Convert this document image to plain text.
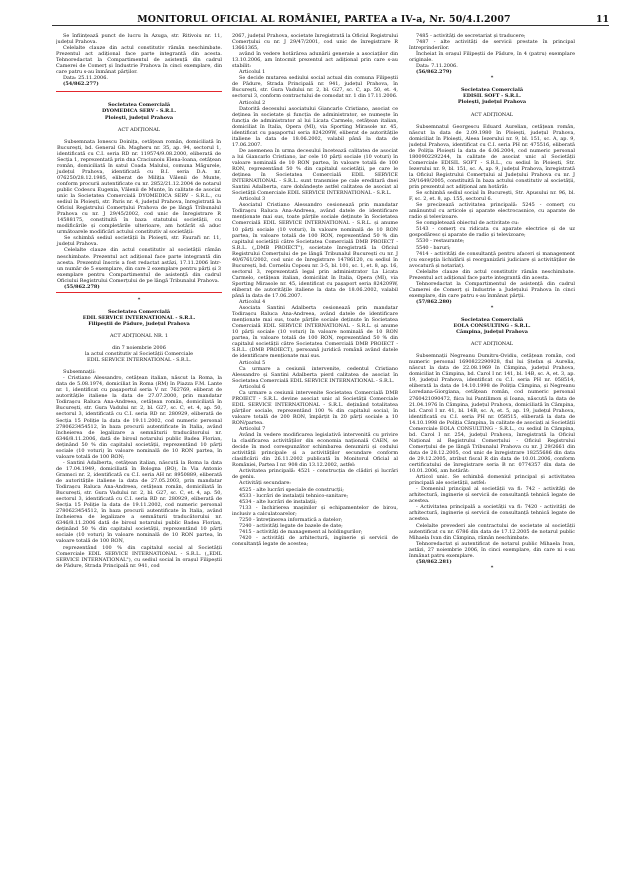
MONITORUL OFICIAL AL ROMÂNIEI, PARTEA a IV-a, Nr. 50/4.I.2007	11

Se înființează punct de lucru în Azuga, str. Ritivoiu nr. 11, județul Prahova.

Celelalte clauze din actul constitutiv rămân neschimbate. Prezentul act adițional face parte integrantă din acesta. Tehnoredactat la Compartimentul de asistență din cadrul Camerei de Comerț și Industrie Prahova în cinci exemplare, din care patru s-au înmânat părților.

Data: 25.11.2006.

(54/862.277)

Societatea Comercială

DYOMEDICA SERV - S.R.L.

Ploiești, județul Prahova

ACT ADIȚIONAL

Subsemnata Ionescu Doinița, cetățean român, domiciliată în București, bd. General Gh. Magheru nr. 35, ap. 94, sectorul 1, identificată cu C.I. seria RD nr. 119574/9.08.2000, eliberată de Secția 1, reprezentată prin dna Craciunoiu Elena-Ioana, cetățean român, domiciliată în satul Coada Malului, comuna Măgurele, județul Prahova, identificată cu B.I. seria D.A. nr. 076250/28.12.1985, eliberat de Miliția Vălenii de Munte, conform procurii autentificate cu nr. 2852/21.12.2004 de notarul public Codescu Eugenia, Vălenii de Munte, în calitate de asociat unic la Societatea Comercială DYOMEDICA SERV - S.R.L., cu sediul în Ploiești, str. Paris nr. 4, județul Prahova, înregistrată la Oficiul Registrului Comerțului Prahova de pe lângă Tribunalul Prahova cu nr. J 29/45/2002, cod unic de înregistrare R 14588175, constituită în baza statutului societății, cu modificările și completările ulterioare, am hotărât să aduc următoarele modificări actului constitutiv al societății:

Se schimbă sediul societății în Ploiești, str. Fauraři nr. 11, județul Prahova.

Celelalte clauze din actul constitutiv al societății rămân neschimbate. Prezentul act adițional face parte integrantă din acesta. Prezentul înscris a fost redactat astăzi, 17.11.2006 într-un număr de 5 exemplare, din care 2 exemplare pentru părți și 3 exemplare pentru Compartimentul de asistență din cadrul Oficiului Registrului Comerțului de pe lângă Tribunalul Prahova.

(55/862.278)

*

Societatea Comercială

EDIL SERVICE INTERNATIONAL - S.R.L.

Filipeștii de Pădure, județul Prahova

ACT ADIȚIONAL NR. 1

din 7 noiembrie 2006

la actul constitutiv al Societății Comerciale

EDIL SERVICE INTERNATIONAL - S.R.L.

Subsemnații:

- Cristiano Alessandro, cetățean italian, născut la Roma, la data de 5.08.1974, domiciliat în Roma (RM) în Piazza F.M. Lante nr. 1, identificat cu pașaportul seria V nr. 762769, eliberat de autoritățile italiene la data de 27.07.2000, prin mandatar Todirașcu Raluca Ana-Andreea, cetățean român, domiciliată în București, str. Gura Vadului nr. 2, bl. G27, sc. C, et. 4, ap. 50, sectorul 3, identificată cu C.I. seria RD nr. 280929, eliberată de Secția 15 Poliție la data de 19.11.2002, cod numeric personal 2780623454512, în baza procurii autentificate în Italia, având încheierea de legalizare a semnăturii traducătorului nr. 6346/8.11.2006, dată de biroul notarului public Badea Florian, deținând 50 % din capitalul societății, reprezentând 10 părți sociale (10 voturi) în valoare nominală de 10 RON partea, în valoare totală de 100 RON;

- Santini Adalberta, cetățean italian, născută la Roma la data de 17.04.1949, domiciliată în Bologna (BO), în Via Antonio Gramsci nr. 2, identificată cu C.I. seria AH nr. 8950889, eliberată de autoritățile italiene la data de 27.05.2003, prin mandatar Todirașcu Raluca Ana-Andreea, cetățean român, domiciliată în București, str. Gura Vadului nr. 2, bl. G27, sc. C, et. 4, ap. 50, sectorul 3, identificată cu C.I. seria RD nr. 280929, eliberată de Secția 15 Poliție la data de 19.11.2002, cod numeric personal 2780623454512, în baza procurii autentificate în Italia, având încheierea de legalizare a semnăturii traducătorului nr. 6346/8.11.2006 dată de biroul notarului public Badea Florian, deținând 50 % din capitalul societății, reprezentând 10 părți sociale (10 voturi) în valoare nominală de 10 RON partea, în valoare totală de 100 RON,

reprezentând 100 % din capitalul social al Societății Comerciale EDIL SERVICE INTERNATIONAL - S.R.L. („EDIL SERVICE INTERNATIONAL"), cu sediul social în orașul Filipeștii de Pădure, Strada Principală nr. 941, cod

2067, județul Prahova, societate înregistrată la Oficiul Registrului Comerțului cu nr. J 29/47/2001, cod unic de înregistrare R 13661365,

având în vedere hotărârea adunării generale a asociaților din 13.10.2006, am întocmit prezentul act adițional prin care s-au stabilit:

Articolul 1

Se decide mutarea sediului social actual din comuna Filipeștii de Pădure, Strada Principală nr. 941, județul Prahova, în București, str. Gura Vadului nr. 2, bl. G27, sc. C, ap. 50, et. 4, sectorul 3, conform contractului de comodat nr. 1 din 17.11.2006.

Articolul 2

Datorită decesului asociatului Giancarlo Cristiano, asociat ce deținea în societate și funcția de administrator, se numește în funcția de administrator al lui Licata Carmelo, cetățean italian, domiciliat în Italia, Opera (MI), via Sporting Mirasole nr. 45, identificat cu pașaportul seria 824209W, eliberat de autoritățile italiene la data de 18.06.2002, valabil până la data de 17.06.2007.

De asemenea în urma decesului încetează calitatea de asociat a lui Giancarlo Cristiano, iar cele 10 părți sociale (10 voturi) în valoare nominală de 10 RON partea, în valoare totală de 100 RON, reprezentând 50 % din capitalul societății, pe care le deținea în Societatea Comercială EDIL SERVICE INTERNATIONAL - S.R.L. sunt transmise pe cale ereditară dnei Santini Adalberta, care dobândește astfel calitatea de asociat al Societății Comerciale EDIL SERVICE INTERNATIONAL - S.R.L.

Articolul 3

Asociatul Cristiano Alessandro cesionează prin mandatar Todirașcu Raluca Ana-Andreea, având datele de identificare menționate mai sus, toate părțile sociale deținute în Societatea Comercială EDIL SERVICE INTERNATIONAL - S.R.L. și anume 10 părți sociale (10 voturi), în valoare nominală de 10 RON partea, în valoare totală de 100 RON, reprezentând 50 % din capitalul societății către Societatea Comercială DMB PROIECT - S.R.L. („DMB PROIECT"), societate înregistrată la Oficiul Registrului Comerțului de pe lângă Tribunalul București cu nr. J 40/6761/2002, cod unic de înregistrare 14786120, cu sediul în București, bd. Corneliu Coposu nr. 3-5, bl. 101, sc. 1, et. 8, ap. 16, sectorul 3, reprezentată legal prin administrator La Licata Carmelo, cetățean italian, domiciliat în Italia, Opera (MI), via Sporting Mirasole nr. 45, identificat cu pașaport seria 824209W, eliberat de autoritățile italiene la data de 18.06.2002, valabil până la data de 17.06.2007.

Articolul 4

Asociata Santini Adalberta cesionează prin mandatar Todirașcu Raluca Ana-Andreea, având datele de identificare menționate mai sus, toate părțile sociale deținute în Societatea Comercială EDIL SERVICE INTERNATIONAL - S.R.L. și anume 10 părți sociale (10 voturi) în valoare nominală de 10 RON partea, în valoare totală de 100 RON, reprezentând 50 % din capitalul societății către Societatea Comercială DMB PROIECT - S.R.L. (DMB PROIECT), persoană juridică română având datele de identificare menționate mai sus.

Articolul 5

Ca urmare a cesiunii intervenite, cedentul Cristiano Alessandro și Santini Adalberta pierd calitatea de asociat în Societatea Comercială EDIL SERVICE INTERNATIONAL - S.R.L.

Articolul 6

Ca urmare a cesiunii intervenite Societatea Comercială DMB PROIECT - S.R.L. devine asociat unic al Societății Comerciale EDIL SERVICE INTERNATIONAL - S.R.L. deținând totalitatea părților sociale, reprezentând 100 % din capitalul social, în valoare totală de 200 RON, împărțit în 20 părți sociale a 10 RON/partea.

Articolul 7

Având în vedere modificarea legislativă intervenită cu privire la clasificarea activităților din economia națională CAEN, se decide în mod corespunzător schimbarea denumirii și codului activității principale și a activităților secundare conform clasificării din 26.11.2002 publicată în Monitorul Oficial al României, Partea I nr. 908 din 13.12.2002, astfel:

Activitatea principală: 4521 - construcția de clădiri și lucrări de geniu.

Activități secundare:

4525 - alte lucrări speciale de construcții;

4533 - lucrări de instalații tehnico-sanitare;

4534 - alte lucrări de instalații;

7133 - închirierea mașinilor și echipamentelor de birou, inclusiv a calculatoarelor;

7250 - întreținerea informatică a datelor;

7240 - activități legate de bazele de date;

7415 - activități de management al holdingurilor;

7420 - activități de arhitectură, inginerie și servicii de consultanță legate de acestea;

7485 - activități de secretariat și traducere;

7487 - alte activități de servicii prestate în principal întreprinderilor.

Încheiat în orașul Filipeștii de Pădure, în 4 (patru) exemplare originale.

Data: 7.11.2006.

(56/862.279)

*

Societatea Comercială

EDISIL SOFT - S.R.L.

Ploiești, județul Prahova

ACT ADIȚIONAL

Subsemnatul Georgescu Eduard Aurelian, cetățean român, născut la data de 2.09.1980 în Ploiești, județul Prahova, domiciliat în Ploiești, Aleea Iezerului nr. 9, bl. 151, sc. A, ap. 9, județul Prahova, identificat cu C.I. seria PH nr. 475516, eliberată de Poliția Ploiești la data de 6.06.2004, cod numeric personal 1800902292244, în calitate de asociat unic al Societății Comerciale EDISIL SOFT - S.R.L., cu sediul în Ploiești, Str. Iezerului nr. 9, bl. 151, sc. A, ap. 9, județul Prahova, înregistrată la Oficiul Registrului Comerțului al Județului Prahova cu nr. J 29/1649/2005, constituită în baza actului constitutiv al societății, prin prezentul act adițional am hotărât:

Se schimbă sediul social în București, Str. Apusului nr. 96, bl. F, sc. 2, et. 8, ap. 155, sectorul 6.

Se precizează activitatea principală: 5245 - comerț cu amănuntul cu articole și aparate electrocasnice, cu aparate de radio și televizoare.

Se completează obiectul de activitate cu:

5143 - comerț cu ridicata cu aparate electrice și de uz gospodăresc și aparate de radio și televizoare;

5530 - restaurante;

5540 - baruri;

7414 - activități de consultanță pentru afaceri și management (cu excepția lichidării și reorganizării judiciare și activităților de avocatură și notariat).

Celelalte clauze din actul constitutiv rămân neschimbate. Prezentul act adițional face parte integrantă din acesta.

Tehnoredactat la Compartimentul de asistență din cadrul Camerei de Comerț și Industrie a Județului Prahova în cinci exemplare, din care patru s-au înmânat părții.

(57/862.280)

*

Societatea Comercială

EOLA CONSULTING - S.R.L.

Câmpina, județul Prahova

ACT ADIȚIONAL

Subsemnații Negreanu Dumitru-Ovidiu, cetățean român, cod numeric personal 1690822290928, fiul lui Ștefan și Aurelia, născut la data de 22.08.1969 în Câmpina, județul Prahova, domiciliat în Câmpina, bd. Carol I nr. 141, bl. 14B, sc. A, et. 3, ap. 19, județul Prahova, identificat cu C.I. seria PH nr. 058514, eliberată la data de 14.10.1998 de Poliția Câmpina, și Negreanu Loredana-Giorgiana, cetățean român, cod numeric personal 2760421090472, fiica lui Pantilimon și Ioana, născută la data de 21.04.1976 în Câmpina, județul Prahova, domiciliată în Câmpina, bd. Carol I nr. 41, bl. 14B, sc. A, et. 5, ap. 19, județul Prahova, identificată cu C.I. seria PH nr. 058515, eliberată la data de 14.10.1998 de Poliția Câmpina, în calitate de asociați ai Societății Comerciale EOLA CONSULTING - S.R.L., cu sediul în Câmpina, bd. Carol I nr. 254, județul Prahova, înregistrată la Oficiul Național al Registrului Comerțului - Oficiul Registrului Comerțului de pe lângă Tribunalul Prahova cu nr. J 29/2661 din data de 28.12.2005, cod unic de înregistrare 18255686 din data de 29.12.2005, atribut fiscal R din data de 10.01.2006, conform certificatului de înregistrare seria B nr. 0774357 din data de 10.01.2006, am hotărât:

Articol unic. Se schimbă domeniul principal și activitatea principală ale societății, astfel:

- Domeniul principal al societății va fi: 742 - activități de arhitectură, inginerie și servicii de consultanță tehnică legate de acestea.

- Activitatea principală a societății va fi: 7420 - activități de arhitectură, inginerie și servicii de consultanță tehnică legate de acestea.

Celelalte prevederi ale contractului de societate al societății autentificat cu nr. 6786 din data de 17.12.2005 de notarul public Mihaela Ivan din Câmpina, rămân neschimbate.

Tehnoredactat și autentificat de notarul public Mihaela Ivan, astăzi, 27 noiembrie 2006, în cinci exemplare, din care ni s-au înmânat patru exemplare.

(58/862.281)

*
